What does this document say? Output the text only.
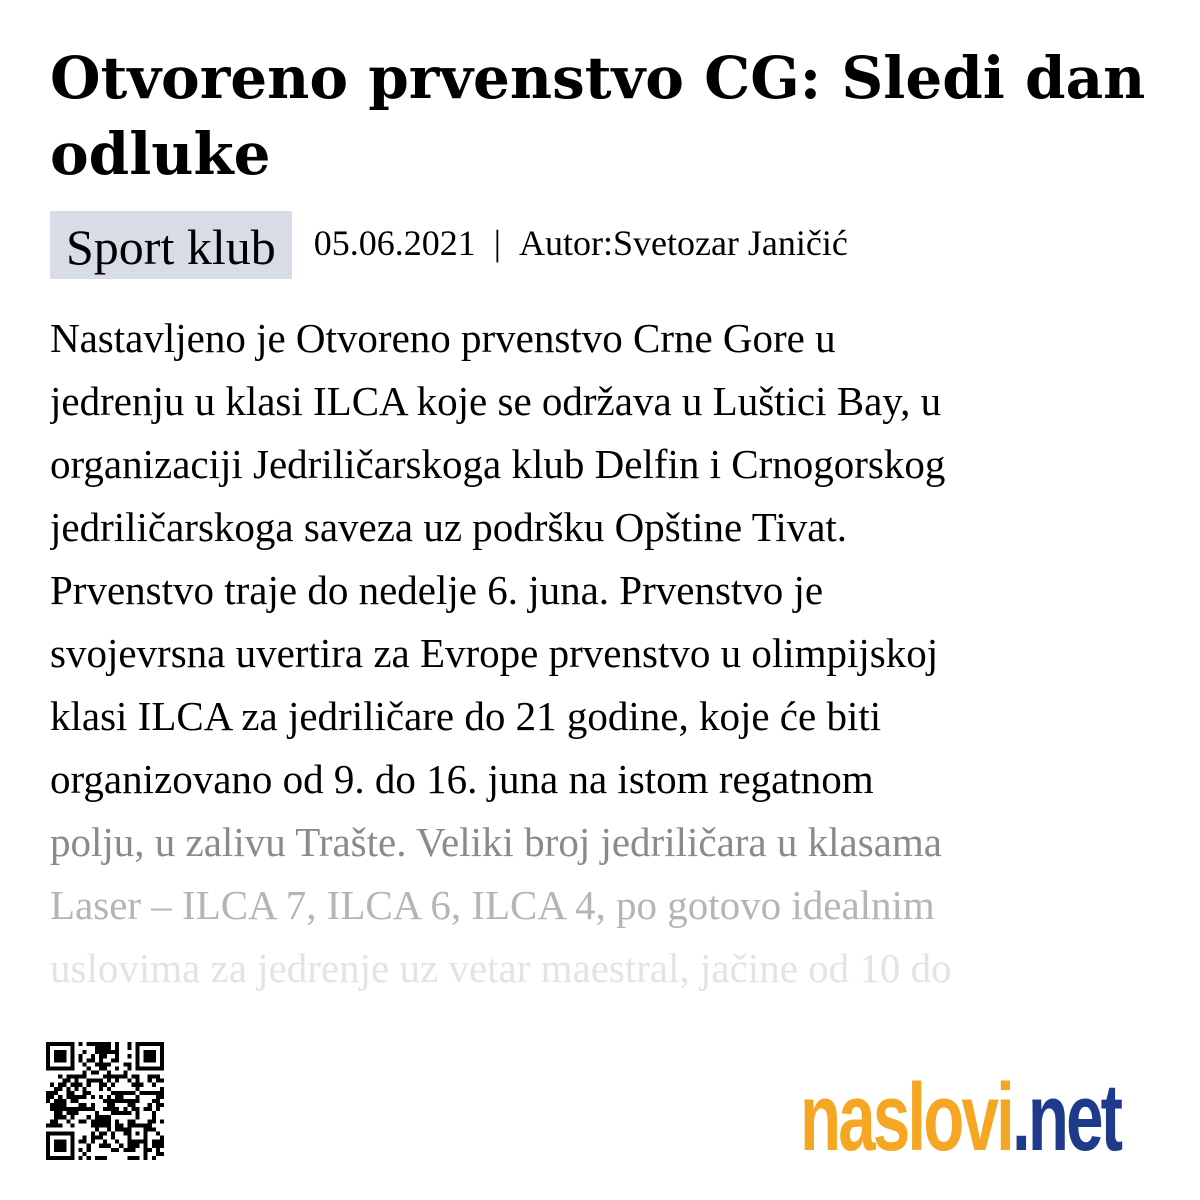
Otvoreno prvenstvo CG: Sledi dan odluke
Sport klub	05.06.2021 | Autor:Svetozar Janičić
Nastavljeno je Otvoreno prvenstvo Crne Gore u
jedrenju u klasi ILCA koje se održava u Luštici Bay, u
organizaciji Jedriličarskoga klub Delfin i Crnogorskog
jedriličarskoga saveza uz podršku Opštine Tivat.
Prvenstvo traje do nedelje 6. juna. Prvenstvo je
svojevrsna uvertira za Evrope prvenstvo u olimpijskoj
klasi ILCA za jedriličare do 21 godine, koje će biti
organizovano od 9. do 16. juna na istom regatnom
polju, u zalivu Trašte. Veliki broj jedriličara u klasama
Laser – ILCA 7, ILCA 6, ILCA 4, po gotovo idealnim
uslovima za jedrenje uz vetar maestral, jačine od 10 do
naslovi.net
